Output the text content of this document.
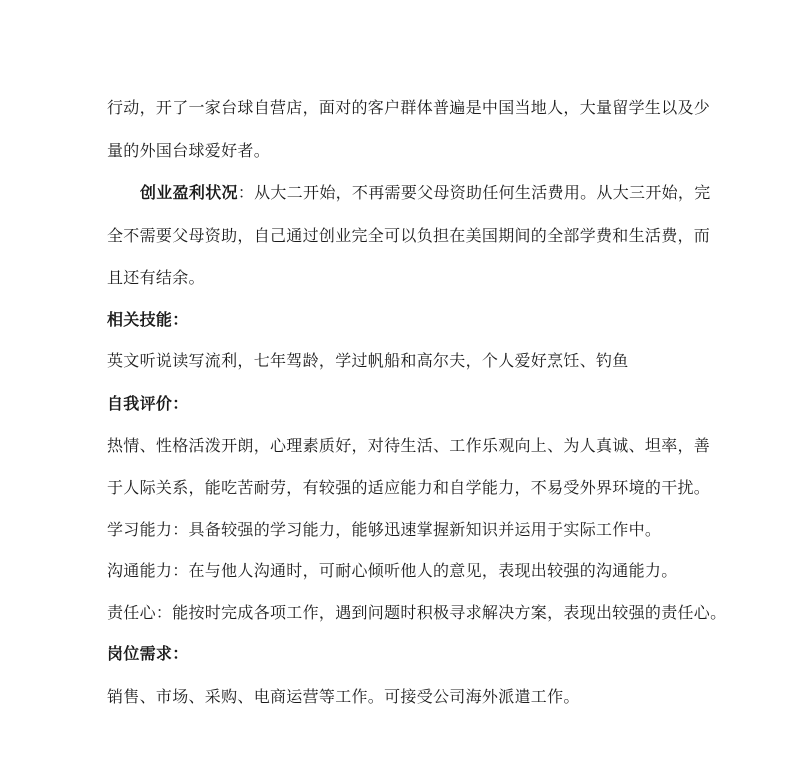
行动，开了一家台球自营店，面对的客户群体普遍是中国当地人，大量留学生以及少
量的外国台球爱好者。
创业盈利状况：从大二开始，不再需要父母资助任何生活费用。从大三开始，完
全不需要父母资助，自己通过创业完全可以负担在美国期间的全部学费和生活费，而
且还有结余。
相关技能：
英文听说读写流利，七年驾龄，学过帆船和高尔夫，个人爱好烹饪、钓鱼
自我评价：
热情、性格活泼开朗，心理素质好，对待生活、工作乐观向上、为人真诚、坦率，善
于人际关系，能吃苦耐劳，有较强的适应能力和自学能力，不易受外界环境的干扰。
学习能力：具备较强的学习能力，能够迅速掌握新知识并运用于实际工作中。
沟通能力：在与他人沟通时，可耐心倾听他人的意见，表现出较强的沟通能力。
责任心：能按时完成各项工作，遇到问题时积极寻求解决方案，表现出较强的责任心。
岗位需求：
销售、市场、采购、电商运营等工作。可接受公司海外派遣工作。
